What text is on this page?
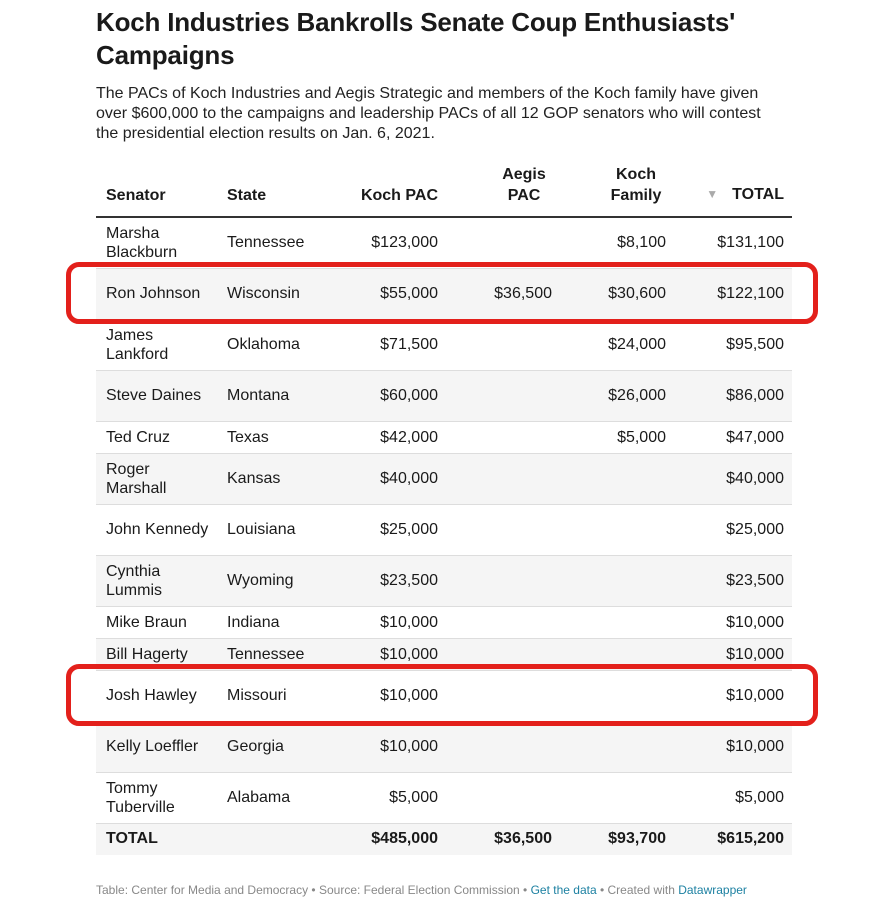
Koch Industries Bankrolls Senate Coup Enthusiasts' Campaigns

The PACs of Koch Industries and Aegis Strategic and members of the Koch family have given over $600,000 to the campaigns and leadership PACs of all 12 GOP senators who will contest the presidential election results on Jan. 6, 2021.

Senator	State	Koch PAC	Aegis PAC	Koch Family	▼ TOTAL
Marsha Blackburn	Tennessee	$123,000		$8,100	$131,100
Ron Johnson	Wisconsin	$55,000	$36,500	$30,600	$122,100
James Lankford	Oklahoma	$71,500		$24,000	$95,500
Steve Daines	Montana	$60,000		$26,000	$86,000
Ted Cruz	Texas	$42,000		$5,000	$47,000
Roger Marshall	Kansas	$40,000			$40,000
John Kennedy	Louisiana	$25,000			$25,000
Cynthia Lummis	Wyoming	$23,500			$23,500
Mike Braun	Indiana	$10,000			$10,000
Bill Hagerty	Tennessee	$10,000			$10,000
Josh Hawley	Missouri	$10,000			$10,000
Kelly Loeffler	Georgia	$10,000			$10,000
Tommy Tuberville	Alabama	$5,000			$5,000
TOTAL		$485,000	$36,500	$93,700	$615,200
Table: Center for Media and Democracy • Source: Federal Election Commission • Get the data • Created with Datawrapper
